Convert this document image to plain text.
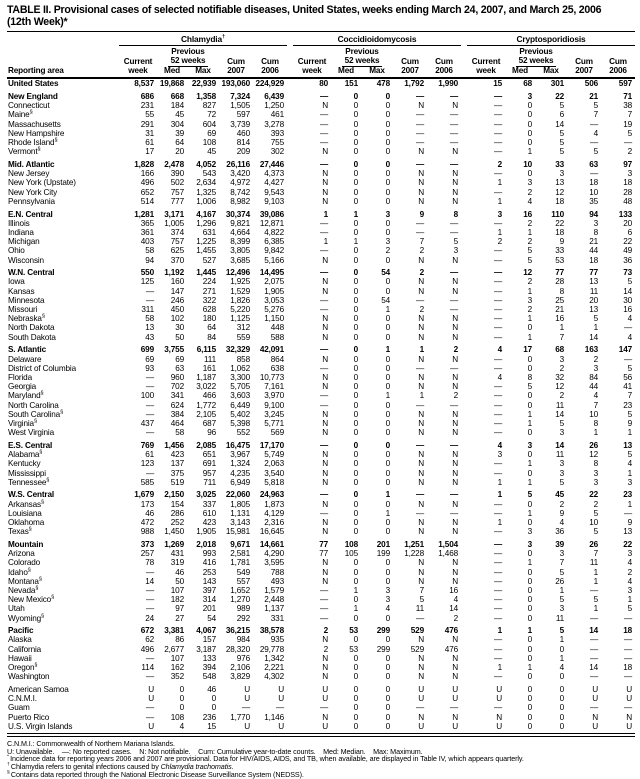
TABLE II. Provisional cases of selected notifiable diseases, United States, weeks ending March 24, 2007, and March 25, 2006
(12th Week)*
Reporting area	Chlamydia†						Coccidioidomycosis						Cryptosporidiosis				
		Previous						Previous						Previous			
	Current	52 weeks		Cum	Cum		Current	52 weeks		Cum	Cum		Current	52 weeks		Cum	Cum
	week	Med	Max	2007	2006		week	Med	Max	2007	2006		week	Med	Max	2007	2006
United States	8,537	19,868	22,939	193,060	224,929		80	151	478	1,792	1,990		15	68	301	506	597
New England	686	668	1,358	7,324	6,439		—	0	0	—	—		—	3	22	21	71
Connecticut	231	184	827	1,505	1,250		N	0	0	N	N		—	0	5	5	38
Maine§	55	45	72	597	461		—	0	0	—	—		—	0	6	7	7
Massachusetts	291	304	604	3,739	3,278		—	0	0	—	—		—	0	14	—	19
New Hampshire	31	39	69	460	393		—	0	0	—	—		—	0	5	4	5
Rhode Island§	61	64	108	814	755		—	0	0	—	—		—	0	5	—	—
Vermont§	17	20	45	209	302		N	0	0	N	N		—	1	5	5	2
Mid. Atlantic	1,828	2,478	4,052	26,116	27,446		—	0	0	—	—		2	10	33	63	97
New Jersey	166	390	543	3,420	4,373		N	0	0	N	N		—	0	3	—	3
New York (Upstate)	496	502	2,634	4,972	4,427		N	0	0	N	N		1	3	13	18	18
New York City	652	757	1,325	8,742	9,543		N	0	0	N	N		—	2	12	10	28
Pennsylvania	514	777	1,006	8,982	9,103		N	0	0	N	N		1	4	18	35	48
E.N. Central	1,281	3,171	4,167	30,374	39,086		1	1	3	9	8		3	16	110	94	133
Illinois	365	1,005	1,296	9,821	12,871		—	0	0	—	—		—	2	22	3	20
Indiana	361	374	631	4,664	4,822		—	0	0	—	—		1	1	18	8	6
Michigan	403	757	1,225	8,399	6,385		1	1	3	7	5		2	2	9	21	22
Ohio	58	625	1,455	3,805	9,842		—	0	2	2	3		—	5	33	44	49
Wisconsin	94	370	527	3,685	5,166		N	0	0	N	N		—	5	53	18	36
W.N. Central	550	1,192	1,445	12,496	14,495		—	0	54	2	—		—	12	77	77	73
Iowa	125	160	224	1,925	2,075		N	0	0	N	N		—	2	28	13	5
Kansas	—	147	271	1,529	1,905		N	0	0	N	N		—	1	8	11	14
Minnesota	—	246	322	1,826	3,053		—	0	54	—	—		—	3	25	20	30
Missouri	311	450	628	5,220	5,276		—	0	1	2	—		—	2	21	13	16
Nebraska§	58	102	180	1,125	1,150		N	0	0	N	N		—	1	16	5	4
North Dakota	13	30	64	312	448		N	0	0	N	N		—	0	1	1	—
South Dakota	43	50	84	559	588		N	0	0	N	N		—	1	7	14	4
S. Atlantic	699	3,755	6,115	32,329	42,091		—	0	1	1	2		4	17	68	163	147
Delaware	69	69	111	858	864		N	0	0	N	N		—	0	3	2	—
District of Columbia	93	63	161	1,062	638		—	0	0	—	—		—	0	2	3	5
Florida	—	960	1,187	3,300	10,773		N	0	0	N	N		4	8	32	84	56
Georgia	—	702	3,022	5,705	7,161		N	0	0	N	N		—	5	12	44	41
Maryland§	100	341	466	3,603	3,970		—	0	1	1	2		—	0	2	4	7
North Carolina	—	624	1,772	6,449	9,100		—	0	0	—	—		—	0	11	7	23
South Carolina§	—	384	2,105	5,402	3,245		N	0	0	N	N		—	1	14	10	5
Virginia§	437	464	687	5,398	5,771		N	0	0	N	N		—	1	5	8	9
West Virginia	—	58	96	552	569		N	0	0	N	N		—	0	3	1	1
E.S. Central	769	1,456	2,085	16,475	17,170		—	0	0	—	—		4	3	14	26	13
Alabama§	61	423	651	3,967	5,749		N	0	0	N	N		3	0	11	12	5
Kentucky	123	137	691	1,324	2,063		N	0	0	N	N		—	1	3	8	4
Mississippi	—	375	957	4,235	3,540		N	0	0	N	N		—	0	3	3	1
Tennessee§	585	519	711	6,949	5,818		N	0	0	N	N		1	1	5	3	3
W.S. Central	1,679	2,150	3,025	22,060	24,963		—	0	1	—	—		1	5	45	22	23
Arkansas§	173	154	337	1,805	1,873		N	0	0	N	N		—	0	2	2	1
Louisiana	46	286	610	1,131	4,129		—	0	1	—	—		—	1	9	5	—
Oklahoma	472	252	423	3,143	2,316		N	0	0	N	N		1	0	4	10	9
Texas§	988	1,450	1,905	15,981	16,645		N	0	0	N	N		—	3	36	5	13
Mountain	373	1,269	2,018	9,671	14,661		77	108	201	1,251	1,504		—	3	39	26	22
Arizona	257	431	993	2,581	4,290		77	105	199	1,228	1,468		—	0	3	7	3
Colorado	78	319	416	1,781	3,595		N	0	0	N	N		—	1	7	11	4
Idaho§	—	46	253	549	788		N	0	0	N	N		—	0	5	1	2
Montana§	14	50	143	557	493		N	0	0	N	N		—	0	26	1	4
Nevada§	—	107	397	1,652	1,579		—	1	3	7	16		—	0	1	—	3
New Mexico§	—	182	314	1,270	2,448		—	0	3	5	4		—	0	5	5	1
Utah	—	97	201	989	1,137		—	1	4	11	14		—	0	3	1	5
Wyoming§	24	27	54	292	331		—	0	0	—	2		—	0	11	—	—
Pacific	672	3,381	4,067	36,215	38,578		2	53	299	529	476		1	1	5	14	18
Alaska	62	86	157	984	935		N	0	0	N	N		—	0	1	—	—
California	496	2,677	3,187	28,320	29,778		2	53	299	529	476		—	0	0	—	—
Hawaii	—	107	133	976	1,342		N	0	0	N	N		—	0	1	—	—
Oregon§	114	162	394	2,106	2,221		N	0	0	N	N		1	1	4	14	18
Washington	—	352	548	3,829	4,302		N	0	0	N	N		—	0	0	—	—
American Samoa	U	0	46	U	U		U	0	0	U	U		U	0	0	U	U
C.N.M.I.	U	0	0	U	U		U	0	0	U	U		U	0	0	U	U
Guam	—	0	0	—	—		—	0	0	—	—		—	0	0	—	—
Puerto Rico	—	108	236	1,770	1,146		N	0	0	N	N		N	0	0	N	N
U.S. Virgin Islands	U	4	15	U	U		U	0	0	U	U		U	0	0	U	U
C.N.M.I.: Commonwealth of Northern Mariana Islands.
U: Unavailable.    —: No reported cases.    N: Not notifiable.    Cum: Cumulative year-to-date counts.    Med: Median.    Max: Maximum.
* Incidence data for reporting years 2006 and 2007 are provisional. Data for HIV/AIDS, AIDS, and TB, when available, are displayed in Table IV, which appears quarterly.
† Chlamydia refers to genital infections caused by Chlamydia trachomatis.
§ Contains data reported through the National Electronic Disease Surveillance System (NEDSS).
